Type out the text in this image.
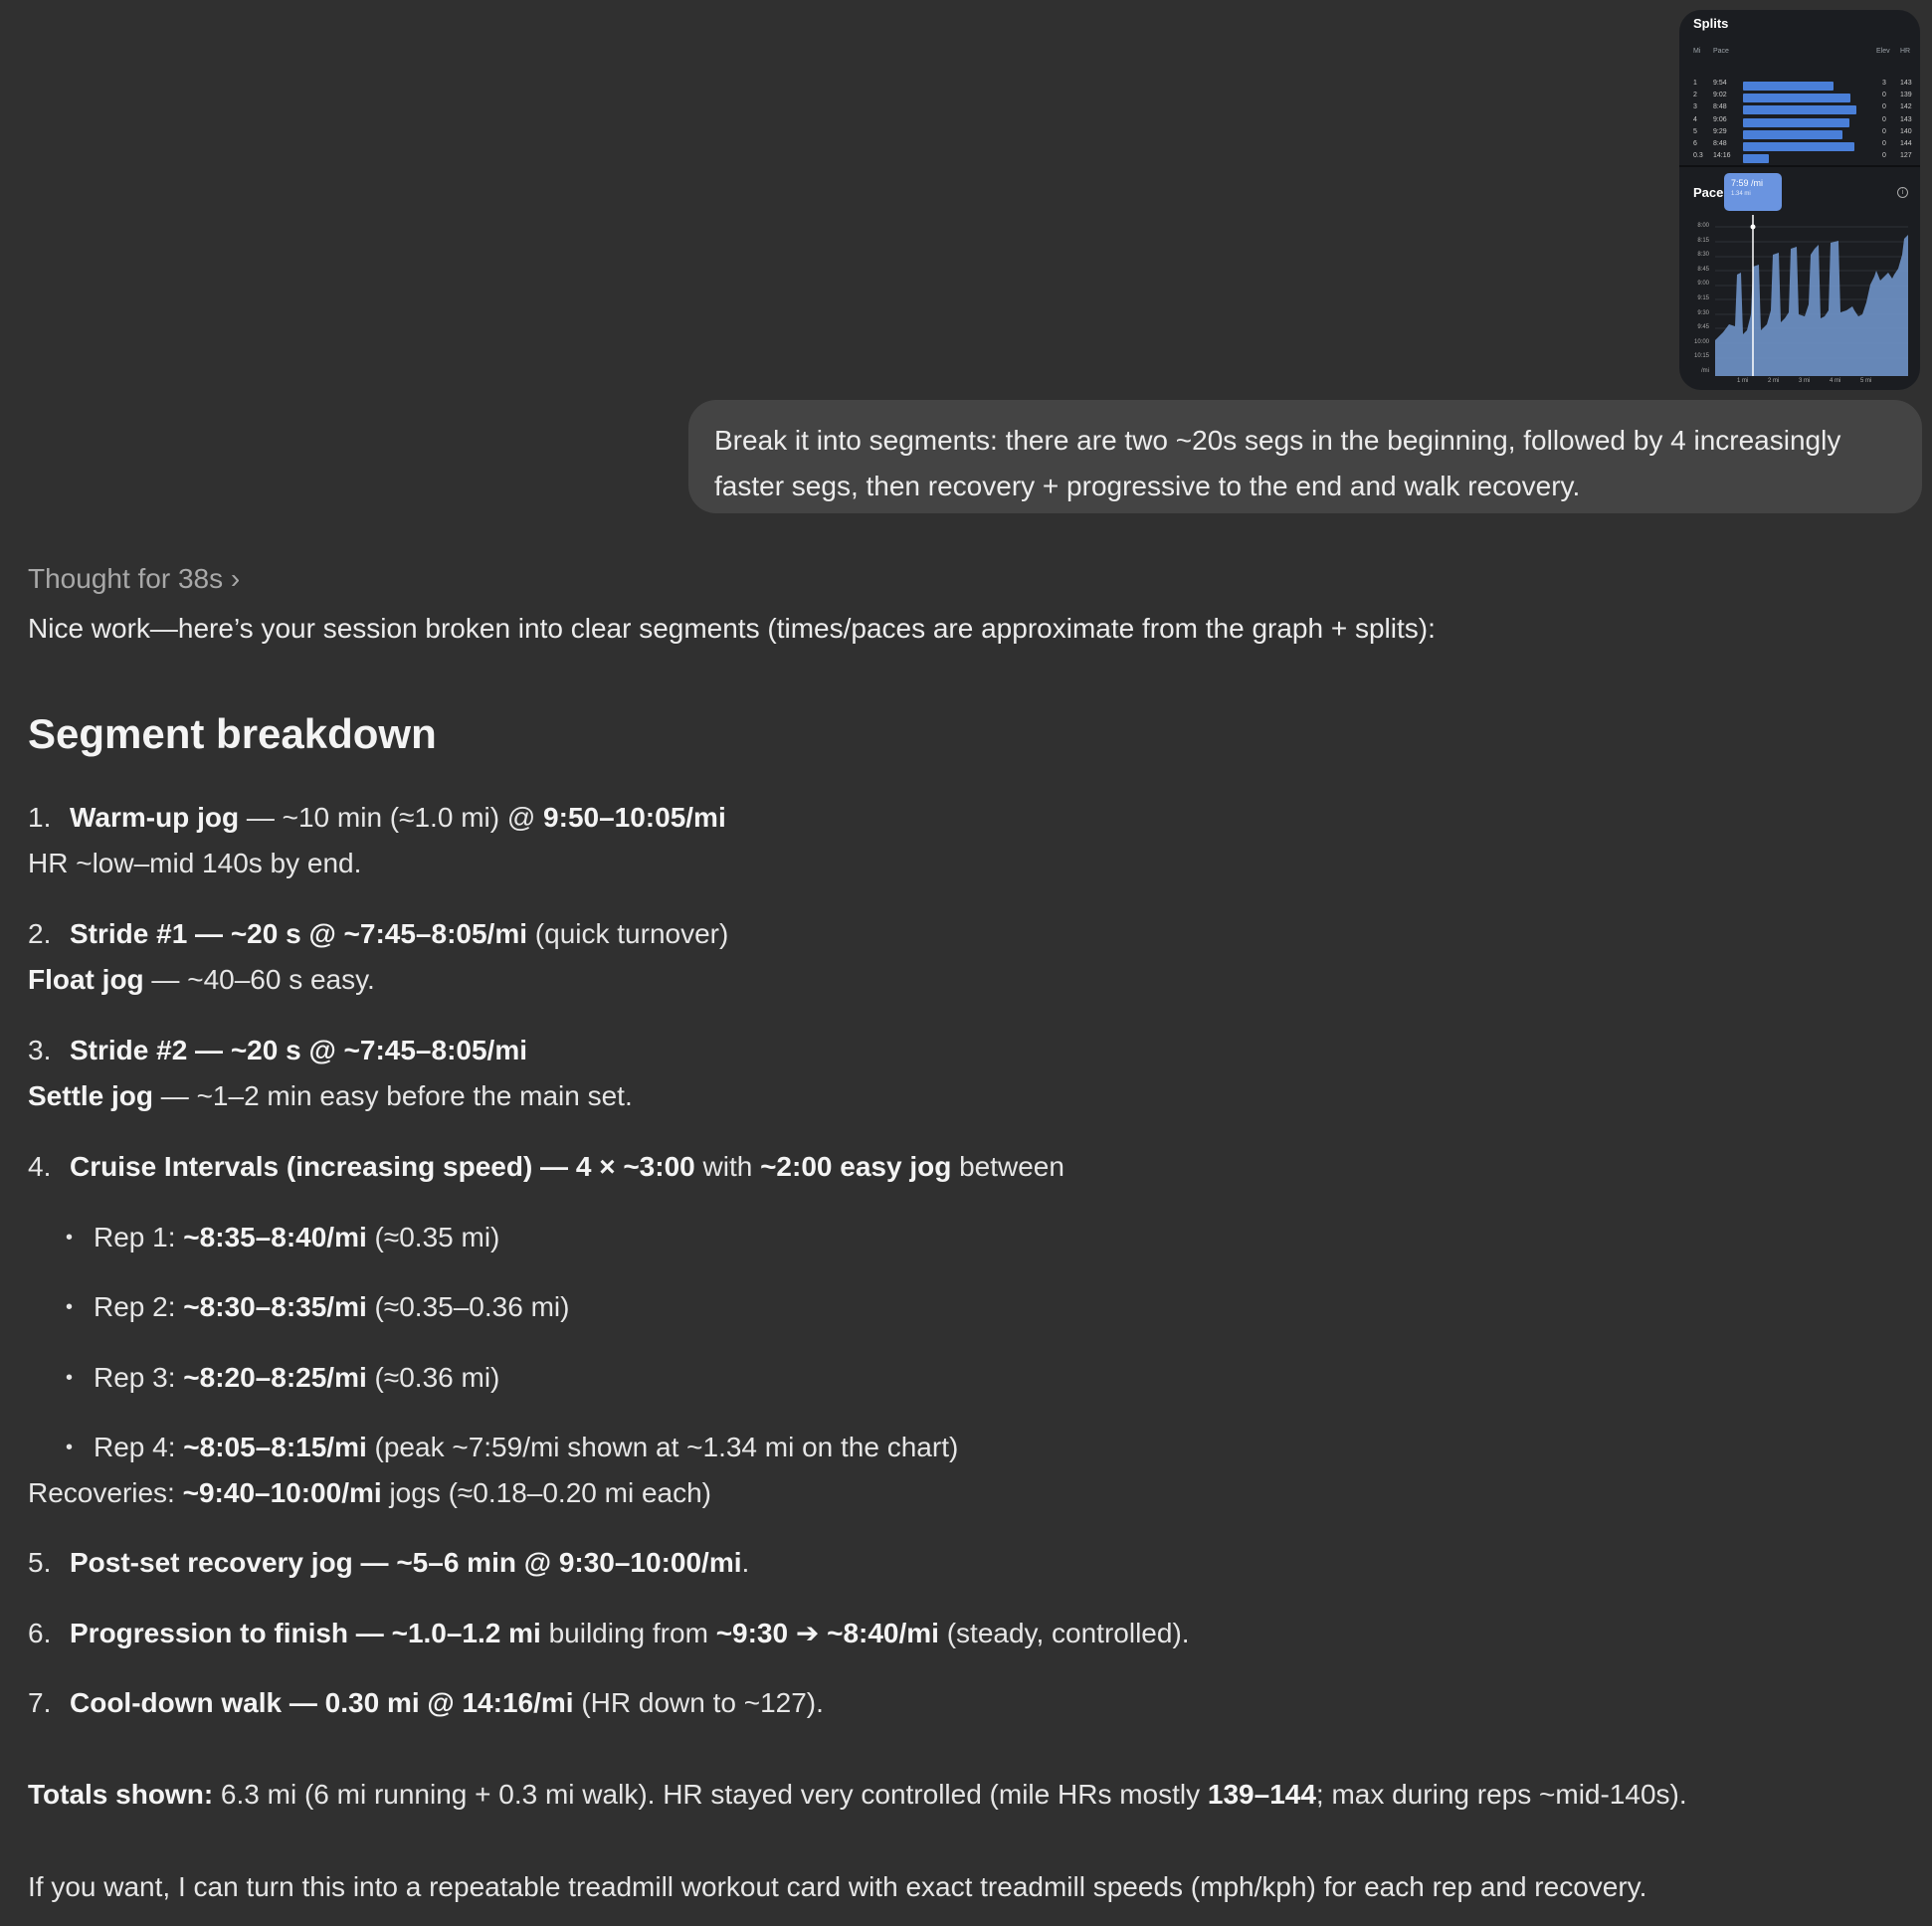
Splits
Mi Pace	Elev HR
1 9:54	3 143
2 9:02	0 139
3 8:48	0 142
4 9:06	0 143
5 9:29	0 140
6 8:48	0 144
0.3 14:16	0 127
Pace	i
8:00
8:15
8:30
8:45
9:00
9:15
9:30
9:45
10:00
10:15
/mi
7:59 /mi
1.34 mi
1 mi	2 mi	3 mi	4 mi	5 mi
Break it into segments: there are two ~20s segs in the beginning, followed by 4 increasingly faster segs, then recovery + progressive to the end and walk recovery.
Thought for 38s ›
Nice work—here’s your session broken into clear segments (times/paces are approximate from the graph + splits):
Segment breakdown
1. Warm-up jog — ~10 min (≈1.0 mi) @ 9:50–10:05/mi
HR ~low–mid 140s by end.
2. Stride #1 — ~20 s @ ~7:45–8:05/mi (quick turnover)
Float jog — ~40–60 s easy.
3. Stride #2 — ~20 s @ ~7:45–8:05/mi
Settle jog — ~1–2 min easy before the main set.
4. Cruise Intervals (increasing speed) — 4 × ~3:00 with ~2:00 easy jog between
• Rep 1: ~8:35–8:40/mi (≈0.35 mi)
• Rep 2: ~8:30–8:35/mi (≈0.35–0.36 mi)
• Rep 3: ~8:20–8:25/mi (≈0.36 mi)
• Rep 4: ~8:05–8:15/mi (peak ~7:59/mi shown at ~1.34 mi on the chart)
Recoveries: ~9:40–10:00/mi jogs (≈0.18–0.20 mi each)
5. Post-set recovery jog — ~5–6 min @ 9:30–10:00/mi.
6. Progression to finish — ~1.0–1.2 mi building from ~9:30 ➔ ~8:40/mi (steady, controlled).
7. Cool-down walk — 0.30 mi @ 14:16/mi (HR down to ~127).
Totals shown: 6.3 mi (6 mi running + 0.3 mi walk). HR stayed very controlled (mile HRs mostly 139–144; max during reps ~mid-140s).
If you want, I can turn this into a repeatable treadmill workout card with exact treadmill speeds (mph/kph) for each rep and recovery.
